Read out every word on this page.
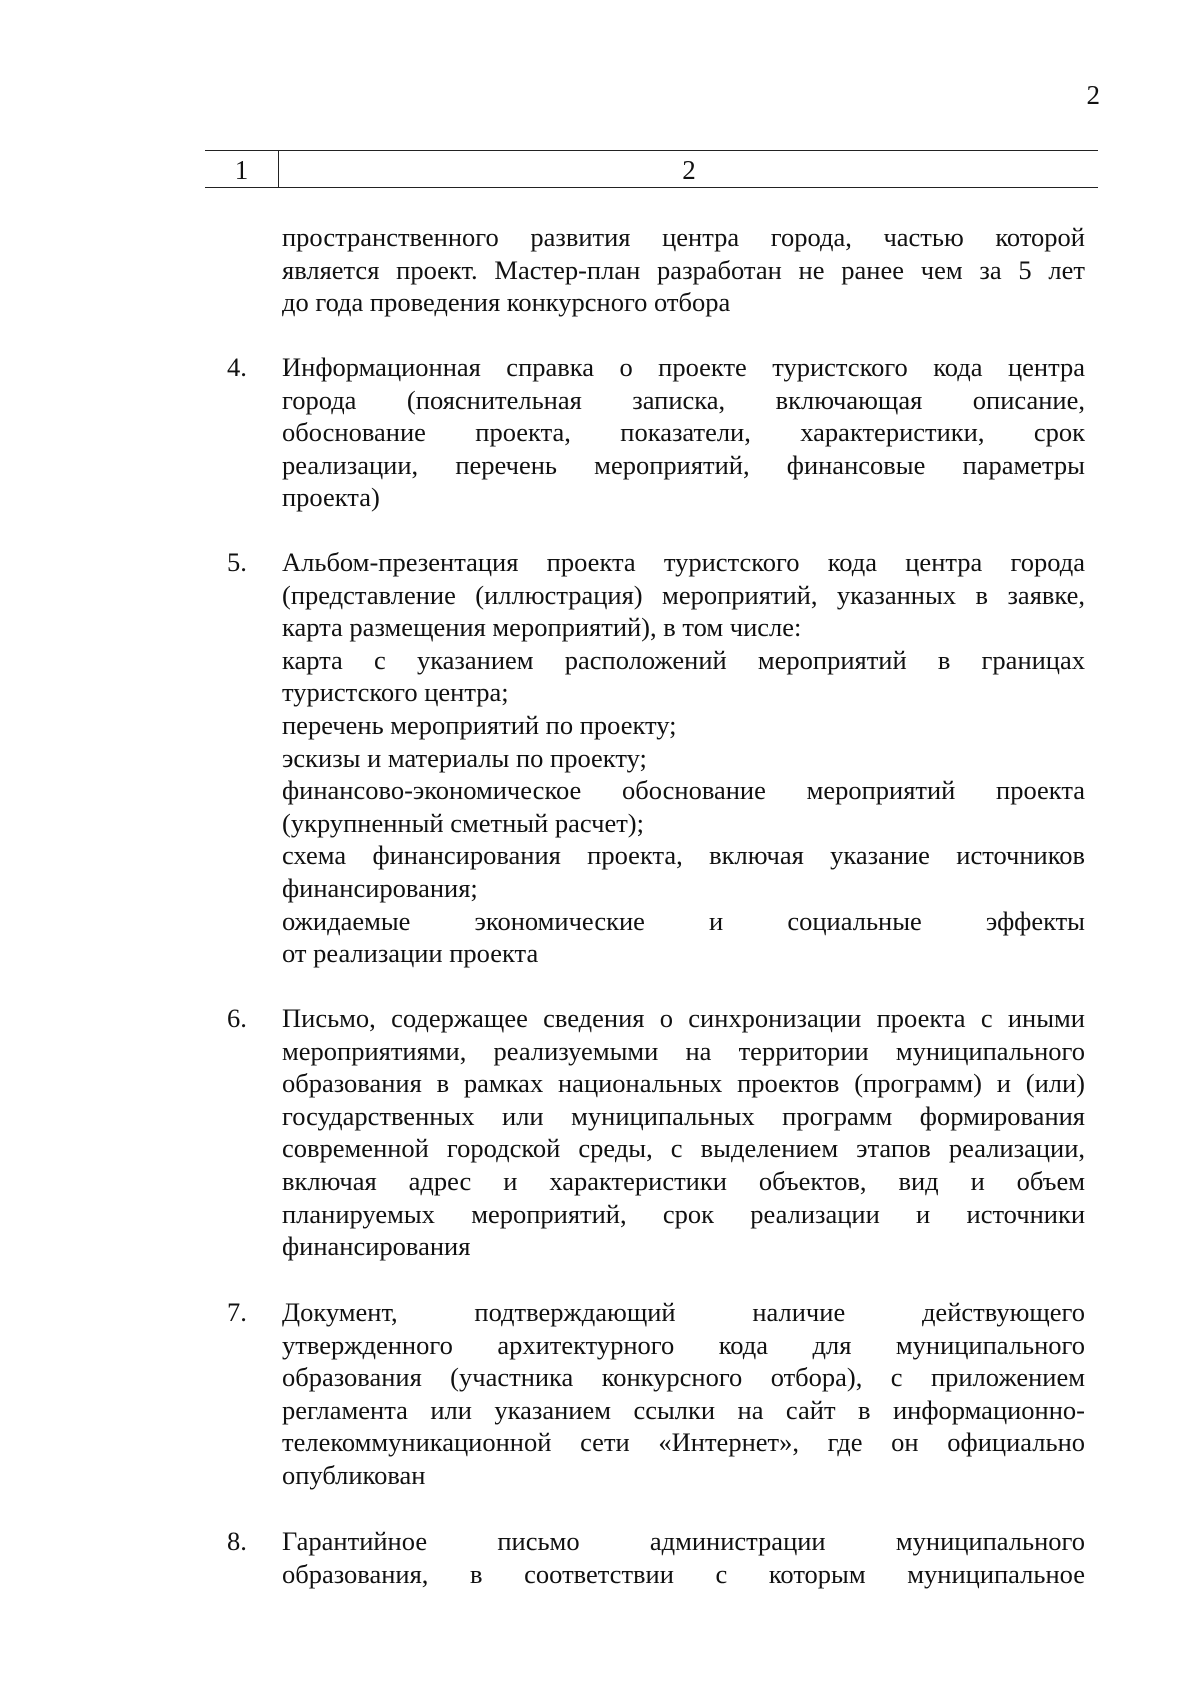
2
1	2
пространственного развития центра города, частью которой
является проект. Мастер-план разработан не ранее чем за 5 лет
до года проведения конкурсного отбора
4. Информационная справка о проекте туристского кода центра
города (пояснительная записка, включающая описание,
обоснование проекта, показатели, характеристики, срок
реализации, перечень мероприятий, финансовые параметры
проекта)
5. Альбом-презентация проекта туристского кода центра города
(представление (иллюстрация) мероприятий, указанных в заявке,
карта размещения мероприятий), в том числе:
карта с указанием расположений мероприятий в границах
туристского центра;
перечень мероприятий по проекту;
эскизы и материалы по проекту;
финансово-экономическое обоснование мероприятий проекта
(укрупненный сметный расчет);
схема финансирования проекта, включая указание источников
финансирования;
ожидаемые экономические и социальные эффекты
от реализации проекта
6. Письмо, содержащее сведения о синхронизации проекта с иными
мероприятиями, реализуемыми на территории муниципального
образования в рамках национальных проектов (программ) и (или)
государственных или муниципальных программ формирования
современной городской среды, с выделением этапов реализации,
включая адрес и характеристики объектов, вид и объем
планируемых мероприятий, срок реализации и источники
финансирования
7. Документ, подтверждающий наличие действующего
утвержденного архитектурного кода для муниципального
образования (участника конкурсного отбора), с приложением
регламента или указанием ссылки на сайт в информационно-
телекоммуникационной сети «Интернет», где он официально
опубликован
8. Гарантийное письмо администрации муниципального
образования, в соответствии с которым муниципальное
